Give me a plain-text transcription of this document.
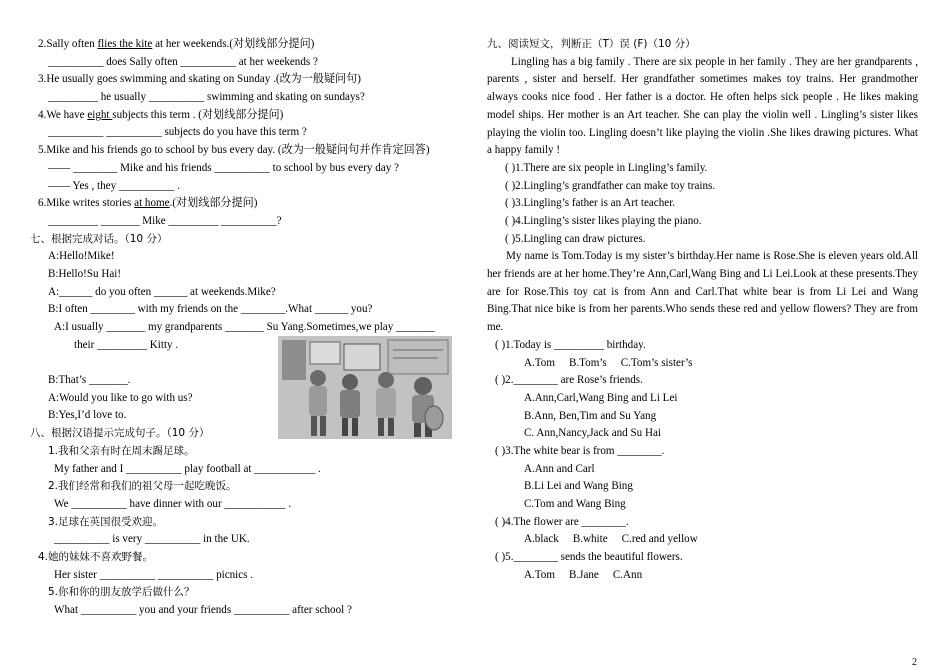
2.Sally often flies the kite at her weekends.(对划线部分提问)
__________ does Sally often __________ at her weekends ?
3.He usually goes swimming and skating on Sunday .(改为一般疑问句)
_________ he usually __________ swimming and skating on sundays?
4.We have eight subjects this term . (对划线部分提问)
__________ __________ subjects do you have this term ?
5.Mike and his friends go to school by bus every day. (改为一般疑问句并作肯定回答)
—— ________ Mike and his friends __________ to school by bus every day ?
—— Yes , they __________ .
6.Mike writes stories at home.(对划线部分提问)
_________ _______ Mike _________ __________?
七、根据完成对话。（10 分）
A:Hello!Mike!
B:Hello!Su Hai!
A:______ do you often ______ at weekends.Mike?
B:I often ________ with my friends on the ________.What ______ you?
A:I usually _______ my grandparents _______ Su Yang.Sometimes,we play _______
their _________ Kitty .
B:That’s _______.
A:Would you like to go with us?
B:Yes,I’d love to.
八、根据汉语提示完成句子。（10 分）
1.我和父亲有时在周末踢足球。
My father and I __________ play football at ___________ .
2.我们经常和我们的祖父母一起吃晚饭。
We __________ have dinner with our ___________ .
3.足球在英国很受欢迎。
__________ is very __________ in the UK.
4.她的妹妹不喜欢野餐。
Her sister __________ __________ picnics .
5.你和你的朋友放学后做什么？
What __________ you and your friends __________ after school ?
九、阅读短文，判断正（T）误 (F)（10 分）
Lingling has a big family . There are six people in her family . They are her grandparents , parents , sister and herself. Her grandfather sometimes makes toy trains. Her grandmother always cooks nice food . Her father is a doctor. He often helps sick people . He likes making model ships. Her mother is an Art teacher. She can play the violin well . Lingling’s sister likes playing the violin too. Lingling doesn’t like playing the violin .She likes drawing pictures. What a happy family !
( )1.There are six people in Lingling’s family.
( )2.Lingling’s grandfather can make toy trains.
( )3.Lingling’s father is an Art teacher.
( )4.Lingling’s sister likes playing the piano.
( )5.Lingling can draw pictures.
My name is Tom.Today is my sister’s birthday.Her name is Rose.She is eleven years old.All her friends are at her home.They’re Ann,Carl,Wang Bing and Li Lei.Look at these presents.They are for Rose.This toy cat is from Ann and Carl.That white bear is from Li Lei and Wang Bing.That nice bike is from her parents.Who sends these red and yellow flowers? They are from me.
( )1.Today is _________ birthday.
A.Tom B.Tom’s C.Tom’s sister’s
( )2.________ are Rose’s friends.
A.Ann,Carl,Wang Bing and Li Lei
B.Ann, Ben,Tim and Su Yang
C. Ann,Nancy,Jack and Su Hai
( )3.The white bear is from ________.
A.Ann and Carl
B.Li Lei and Wang Bing
C.Tom and Wang Bing
( )4.The flower are ________.
A.black B.white C.red and yellow
( )5.________ sends the beautiful flowers.
A.Tom B.Jane C.Ann
2
